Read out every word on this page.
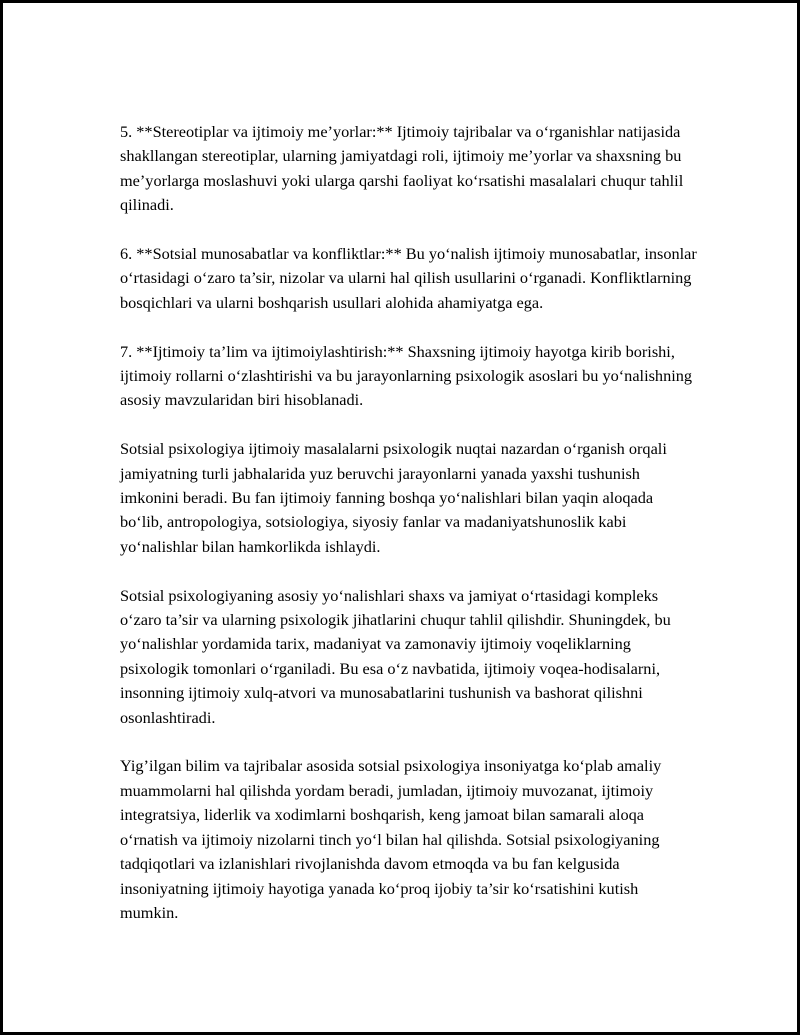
5. **Stereotiplar va ijtimoiy me’yorlar:** Ijtimoiy tajribalar va o‘rganishlar natijasida shakllangan stereotiplar, ularning jamiyatdagi roli, ijtimoiy me’yorlar va shaxsning bu me’yorlarga moslashuvi yoki ularga qarshi faoliyat ko‘rsatishi masalalari chuqur tahlil qilinadi.

6. **Sotsial munosabatlar va konfliktlar:** Bu yo‘nalish ijtimoiy munosabatlar, insonlar o‘rtasidagi o‘zaro ta’sir, nizolar va ularni hal qilish usullarini o‘rganadi. Konfliktlarning bosqichlari va ularni boshqarish usullari alohida ahamiyatga ega.

7. **Ijtimoiy ta’lim va ijtimoiylashtirish:** Shaxsning ijtimoiy hayotga kirib borishi, ijtimoiy rollarni o‘zlashtirishi va bu jarayonlarning psixologik asoslari bu yo‘nalishning asosiy mavzularidan biri hisoblanadi.

Sotsial psixologiya ijtimoiy masalalarni psixologik nuqtai nazardan o‘rganish orqali jamiyatning turli jabhalarida yuz beruvchi jarayonlarni yanada yaxshi tushunish imkonini beradi. Bu fan ijtimoiy fanning boshqa yo‘nalishlari bilan yaqin aloqada bo‘lib, antropologiya, sotsiologiya, siyosiy fanlar va madaniyatshunoslik kabi yo‘nalishlar bilan hamkorlikda ishlaydi.

Sotsial psixologiyaning asosiy yo‘nalishlari shaxs va jamiyat o‘rtasidagi kompleks o‘zaro ta’sir va ularning psixologik jihatlarini chuqur tahlil qilishdir. Shuningdek, bu yo‘nalishlar yordamida tarix, madaniyat va zamonaviy ijtimoiy voqeliklarning psixologik tomonlari o‘rganiladi. Bu esa o‘z navbatida, ijtimoiy voqea-hodisalarni, insonning ijtimoiy xulq-atvori va munosabatlarini tushunish va bashorat qilishni osonlashtiradi.

Yig’ilgan bilim va tajribalar asosida sotsial psixologiya insoniyatga ko‘plab amaliy muammolarni hal qilishda yordam beradi, jumladan, ijtimoiy muvozanat, ijtimoiy integratsiya, liderlik va xodimlarni boshqarish, keng jamoat bilan samarali aloqa o‘rnatish va ijtimoiy nizolarni tinch yo‘l bilan hal qilishda. Sotsial psixologiyaning tadqiqotlari va izlanishlari rivojlanishda davom etmoqda va bu fan kelgusida insoniyatning ijtimoiy hayotiga yanada ko‘proq ijobiy ta’sir ko‘rsatishini kutish mumkin.
